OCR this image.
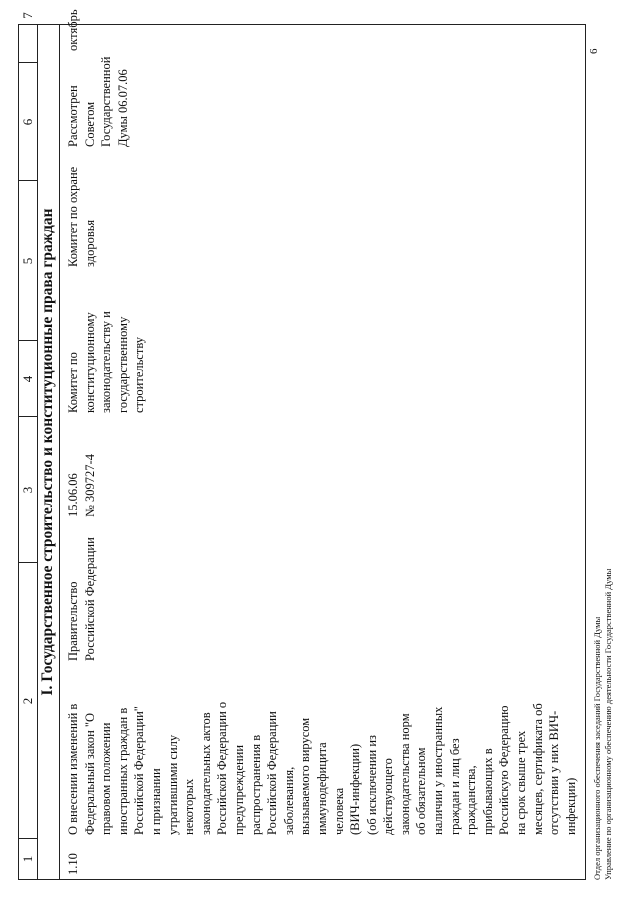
1
2
3
4
5
6
7
I. Государственное строительство и конституционные права граждан
1.10
О внесении изменений в
Федеральный закон "О
правовом положении
иностранных граждан в
Российской Федерации"
и признании
утратившими силу
некоторых
законодательных актов
Российской Федерации о
предупреждении
распространения в
Российской Федерации
заболевания,
вызываемого вирусом
иммунодефицита
человека
(ВИЧ-инфекции)
(об исключении из
действующего
законодательства норм
об обязательном
наличии у иностранных
граждан и лиц без
гражданства,
прибывающих в
Российскую Федерацию
на срок свыше трех
месяцев, сертификата об
отсутствии у них ВИЧ-
инфекции)
Правительство
Российской Федерации
15.06.06
№ 309727-4
Комитет по
конституционному
законодательству и
государственному
строительству
Комитет по охране
здоровья
Рассмотрен
Советом
Государственной
Думы 06.07.06
октябрь
Отдел организационного обеспечения заседаний Государственной Думы Управление по организационному обеспечению деятельности Государственной Думы
6
